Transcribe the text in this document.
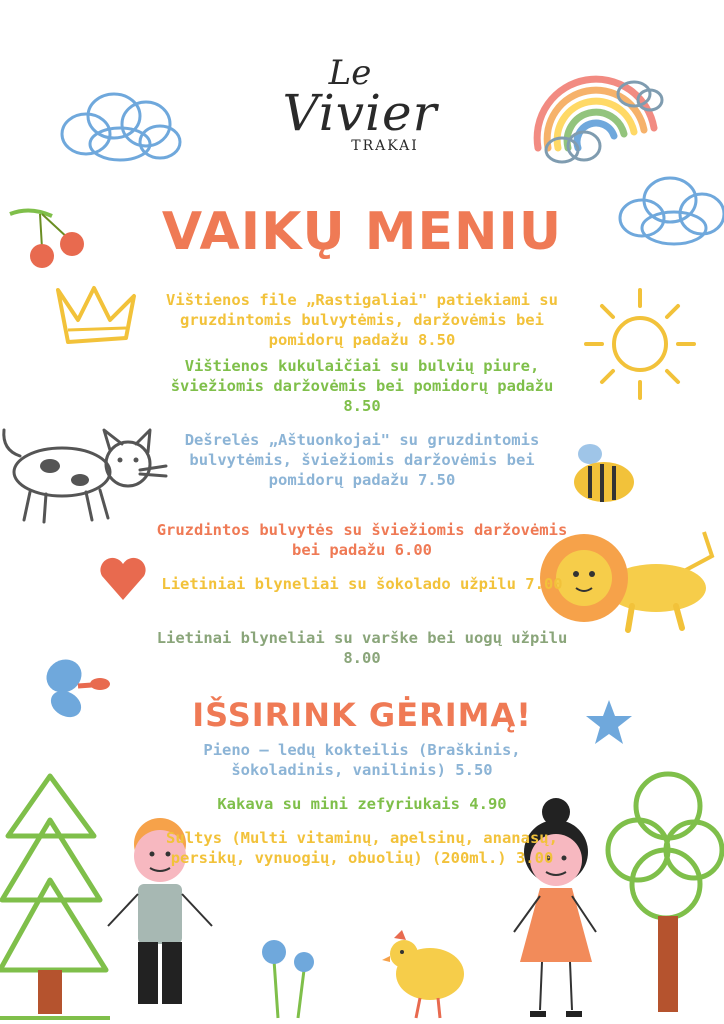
Le
Vivier
TRAKAI
VAIKŲ MENIU
IŠSIRINK GĖRIMĄ!

Vištienos file „Rastigaliai" patiekiami su gruzdintomis bulvytėmis, daržovėmis bei pomidorų padažu 8.50

Vištienos kukulaičiai su bulvių piure, šviežiomis daržovėmis bei pomidorų padažu 8.50

Dešrelės „Aštuonkojai" su gruzdintomis bulvytėmis, šviežiomis daržovėmis bei pomidorų padažu 7.50

Gruzdintos bulvytės su šviežiomis daržovėmis bei padažu 6.00

Lietiniai blyneliai su šokolado užpilu 7.00

Lietinai blyneliai su varške bei uogų užpilu 8.00

Pieno – ledų kokteilis (Braškinis, šokoladinis, vanilinis) 5.50

Kakava su mini zefyriukais 4.90

Sultys (Multi vitaminų, apelsinų, ananasų, persikų, vynuogių, obuolių) (200ml.) 3.00
